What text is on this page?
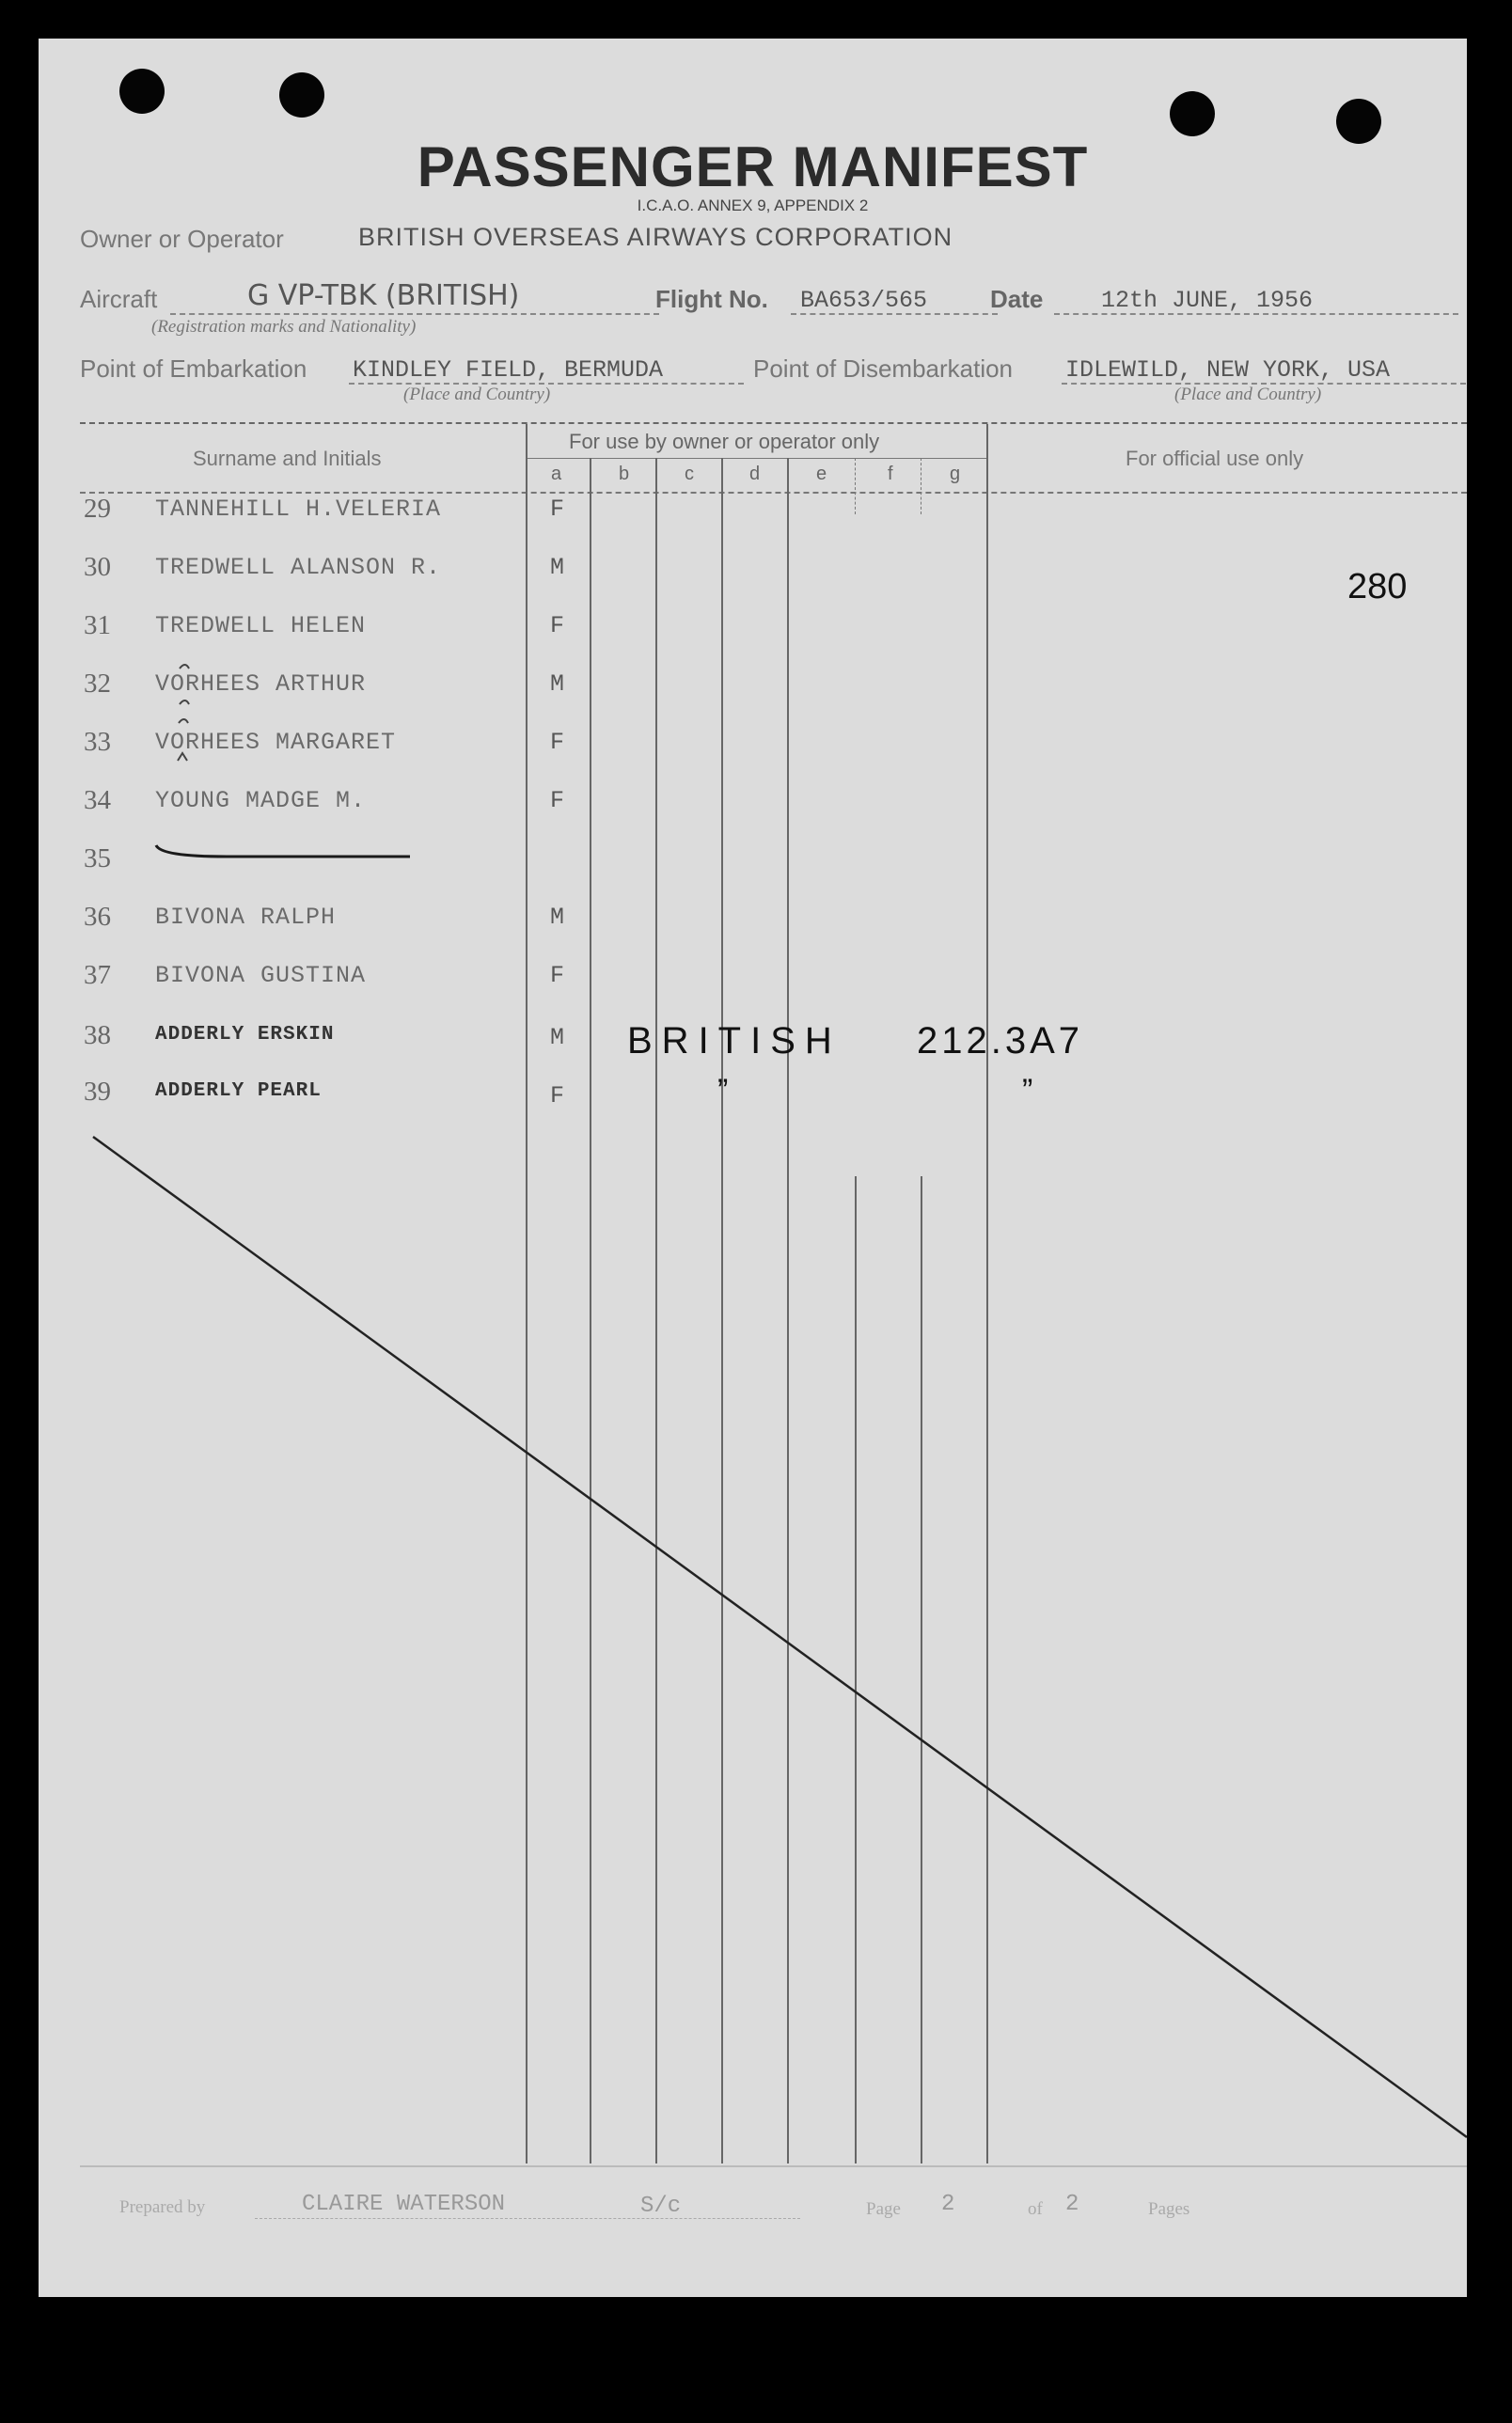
PASSENGER MANIFEST
I.C.A.O. ANNEX 9, APPENDIX 2
Owner or Operator	BRITISH OVERSEAS AIRWAYS CORPORATION
Aircraft	G VP-TBK (BRITISH)
(Registration marks and Nationality)
Flight No. BA653/565	Date 12th JUNE, 1956
Point of Embarkation KINDLEY FIELD, BERMUDA
(Place and Country)
Point of Disembarkation IDLEWILD, NEW YORK, USA
(Place and Country)
Surname and Initials
For use by owner or operator only
For official use only
a	b	c	d	e	f	g
29 TANNEHILL H.VELERIA	F
30 TREDWELL ALANSON R.	M
31 TREDWELL HELEN	F
32 VORHEES ARTHUR	M
33 VORHEES MARGARET	F
34 YOUNG MADGE M.	F
35
36 BIVONA RALPH	M
37 BIVONA GUSTINA	F
38 ADDERLY ERSKIN	M
39 ADDERLY PEARL	F
BRITISH 212.3A7
”	”
280
Prepared by	CLAIRE WATERSON	S/c	Page 2	of 2	Pages
